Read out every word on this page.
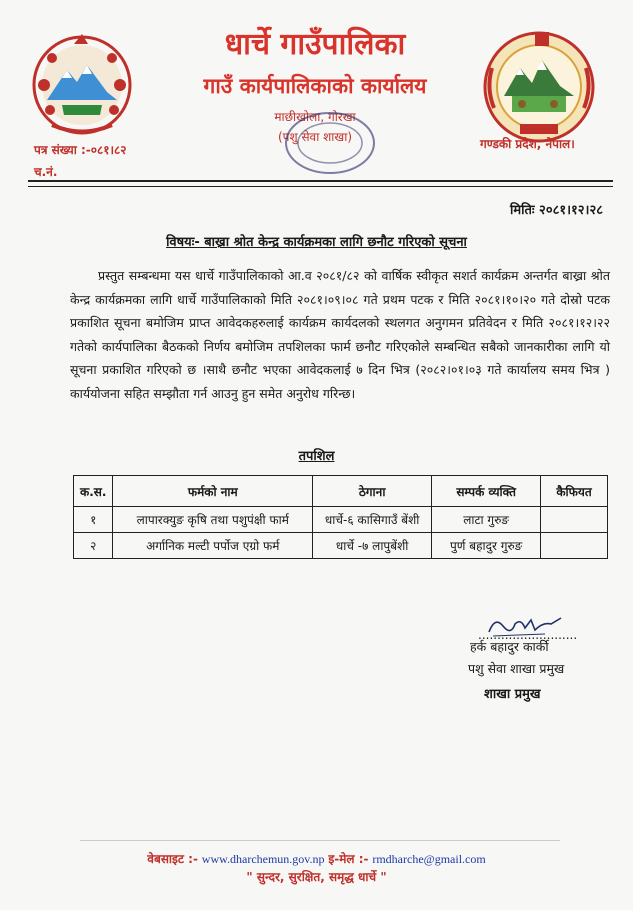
धार्चे गाउँपालिका
गाउँ कार्यपालिकाको कार्यालय
माछीखोला, गोरखा
(पशु सेवा शाखा)
पत्र संख्या :-०८१।८२
च.नं.
गण्डकी प्रदेश, नेपाल।
मितिः २०८१।१२।२८
विषयः- बाख्रा श्रोत केन्द्र कार्यक्रमका लागि छनौट गरिएको सूचना
प्रस्तुत सम्बन्धमा यस धार्चे गाउँपालिकाको आ.व २०८१/८२ को वार्षिक स्वीकृत सशर्त कार्यक्रम अन्तर्गत बाख्रा श्रोत केन्द्र कार्यक्रमका लागि धार्चे गाउँपालिकाको मिति २०८१।०९।०८ गते प्रथम पटक र मिति २०८१।१०।२० गते दोस्रो पटक प्रकाशित सूचना बमोजिम प्राप्त आवेदकहरुलाई कार्यक्रम कार्यदलको स्थलगत अनुगमन प्रतिवेदन र मिति २०८१।१२।२२ गतेको कार्यपालिका बैठकको निर्णय बमोजिम तपशिलका फार्म छनौट गरिएकोले सम्बन्धित सबैको जानकारीका लागि यो सूचना प्रकाशित गरिएको छ ।साथै छनौट भएका आवेदकलाई ७ दिन भित्र (२०८२।०१।०३ गते कार्यालय समय भित्र ) कार्ययोजना सहित सम्झौता गर्न आउनु हुन समेत अनुरोध गरिन्छ।
तपशिल
क.स.	फर्मको नाम	ठेगाना	सम्पर्क व्यक्ति	कैफियत
१	लापारक्युङ कृषि तथा पशुपंक्षी फार्म	धार्चे-६ कासिगाउँ बेंशी	लाटा गुरुङ	
२	अर्गानिक मल्टी पर्पोज एग्रो फर्म	धार्चे -७ लापुबेंशी	पुर्ण बहादुर गुरुङ	
..........................
हर्क बहादुर कार्की
पशु सेवा शाखा प्रमुख
शाखा प्रमुख
वेबसाइट :- www.dharchemun.gov.np इ-मेल :- rmdharche@gmail.com
" सुन्दर, सुरक्षित, समृद्ध धार्चे "
